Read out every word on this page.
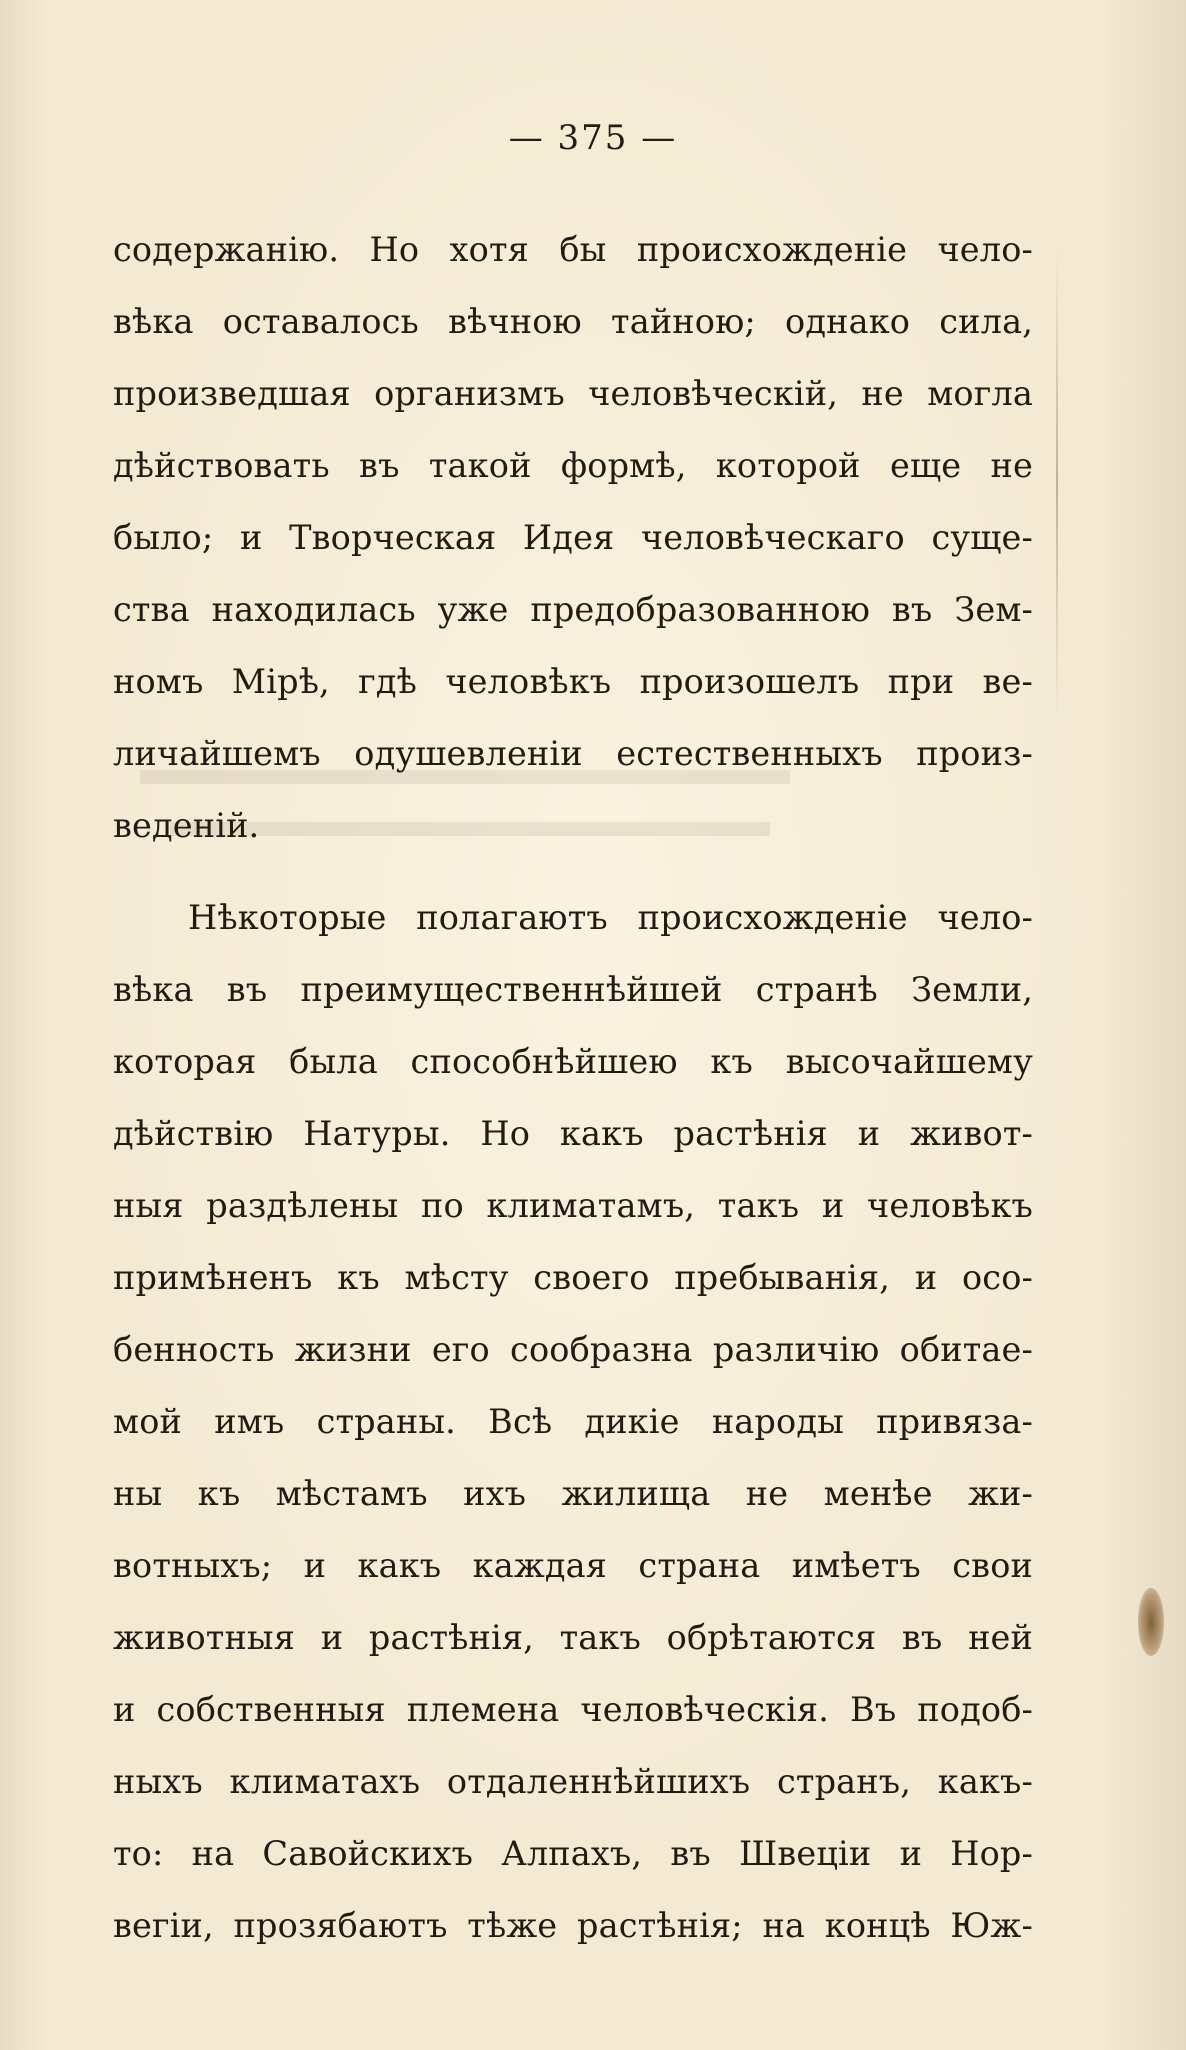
— 375 —
содержанію. Но хотя бы происхожденіе чело-
вѣка оставалось вѣчною тайною; однако сила,
произведшая организмъ человѣческій, не могла
дѣйствовать въ такой формѣ, которой еще не
было; и Творческая Идея человѣческаго суще-
ства находилась уже предобразованною въ Зем-
номъ Мірѣ, гдѣ человѣкъ произошелъ при ве-
личайшемъ одушевленіи естественныхъ произ-
веденій.
Нѣкоторые полагаютъ происхожденіе чело-
вѣка въ преимущественнѣйшей странѣ Земли,
которая была способнѣйшею къ высочайшему
дѣйствію Натуры. Но какъ растѣнія и живот-
ныя раздѣлены по климатамъ, такъ и человѣкъ
примѣненъ къ мѣсту своего пребыванія, и осо-
бенность жизни его сообразна различію обитае-
мой имъ страны. Всѣ дикіе народы привяза-
ны къ мѣстамъ ихъ жилища не менѣе жи-
вотныхъ; и какъ каждая страна имѣетъ свои
животныя и растѣнія, такъ обрѣтаются въ ней
и собственныя племена человѣческія. Въ подоб-
ныхъ климатахъ отдаленнѣйшихъ странъ, какъ-
то: на Савойскихъ Алпахъ, въ Швеціи и Нор-
вегіи, прозябаютъ тѣже растѣнія; на концѣ Юж-
